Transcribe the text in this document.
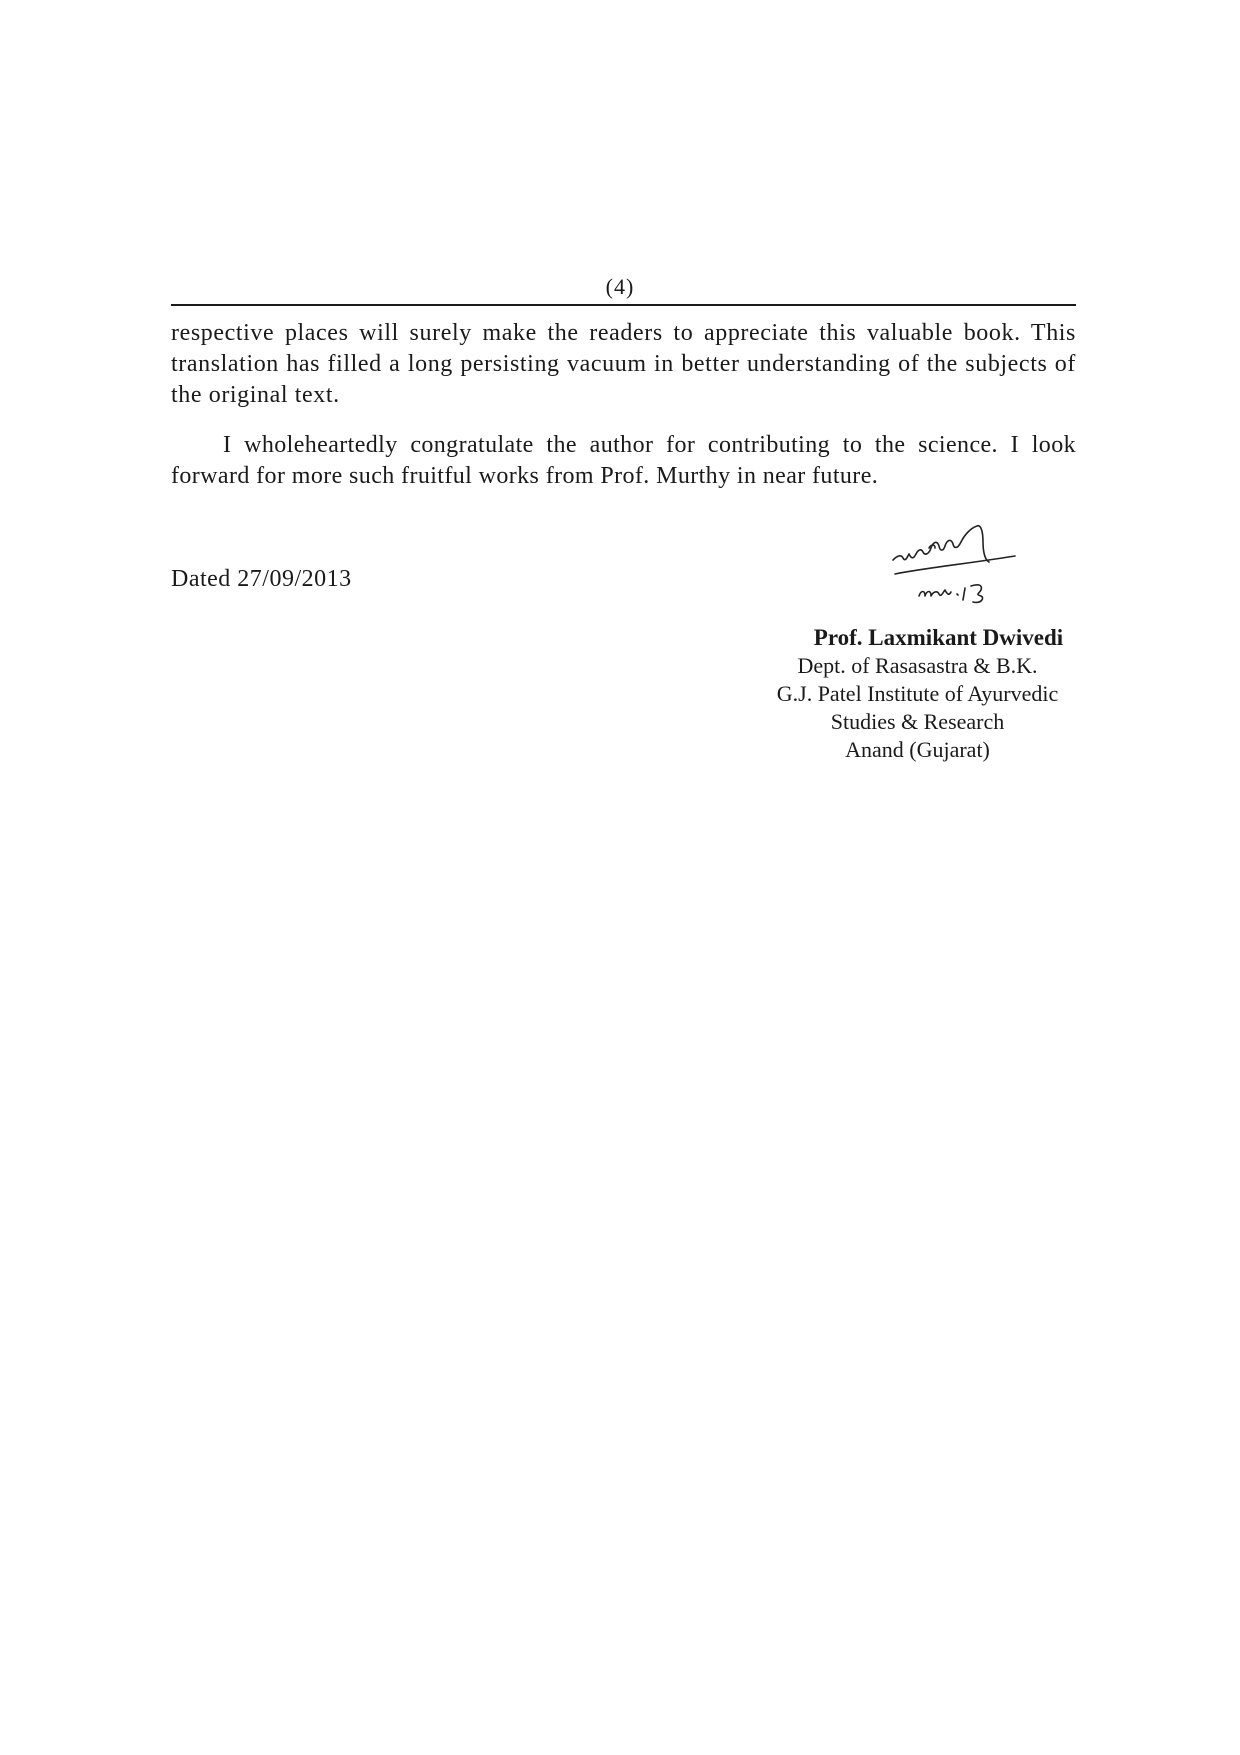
(4)

respective places will surely make the readers to appreciate this valuable book. This translation has filled a long persisting vacuum in better understanding of the subjects of the original text.

I wholeheartedly congratulate the author for contributing to the science. I look forward for more such fruitful works from Prof. Murthy in near future.

Dated 27/09/2013
Prof. Laxmikant Dwivedi
Dept. of Rasasastra & B.K.
G.J. Patel Institute of Ayurvedic
Studies & Research
Anand (Gujarat)
